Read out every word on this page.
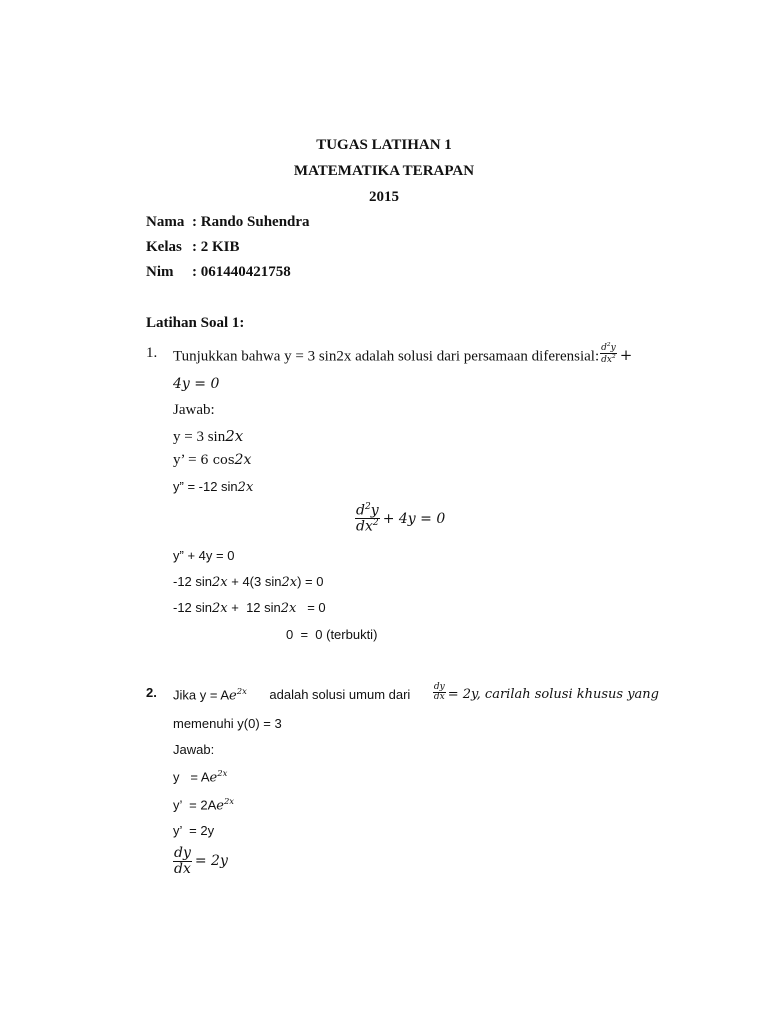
TUGAS LATIHAN 1
MATEMATIKA TERAPAN
2015
Nama : Rando Suhendra
Kelas : 2 KIB
Nim : 061440421758
Latihan Soal 1:
1. Tunjukkan bahwa y = 3 sin2x adalah solusi dari persamaan diferensial: $\frac{d^2y}{dx^2}$ +
4y = 0
Jawab:
y = 3 sin2x
y’ = 6 cos2x
y” = -12 sin2x
$\frac{d^2y}{dx^2} + 4y = 0$
y” + 4y = 0
-12 sin2x + 4(3 sin2x) = 0
-12 sin2x +  12 sin2x   = 0
0  =  0 (terbukti)
2. Jika $y = Ae^{2x}$ adalah solusi umum dari $\frac{dy}{dx} = 2y$, carilah solusi khusus yang
memenuhi y(0) = 3
Jawab:
$y = Ae^{2x}$
y’  = $2Ae^{2x}$
y’  = 2y
$\frac{dy}{dx} = 2y$
